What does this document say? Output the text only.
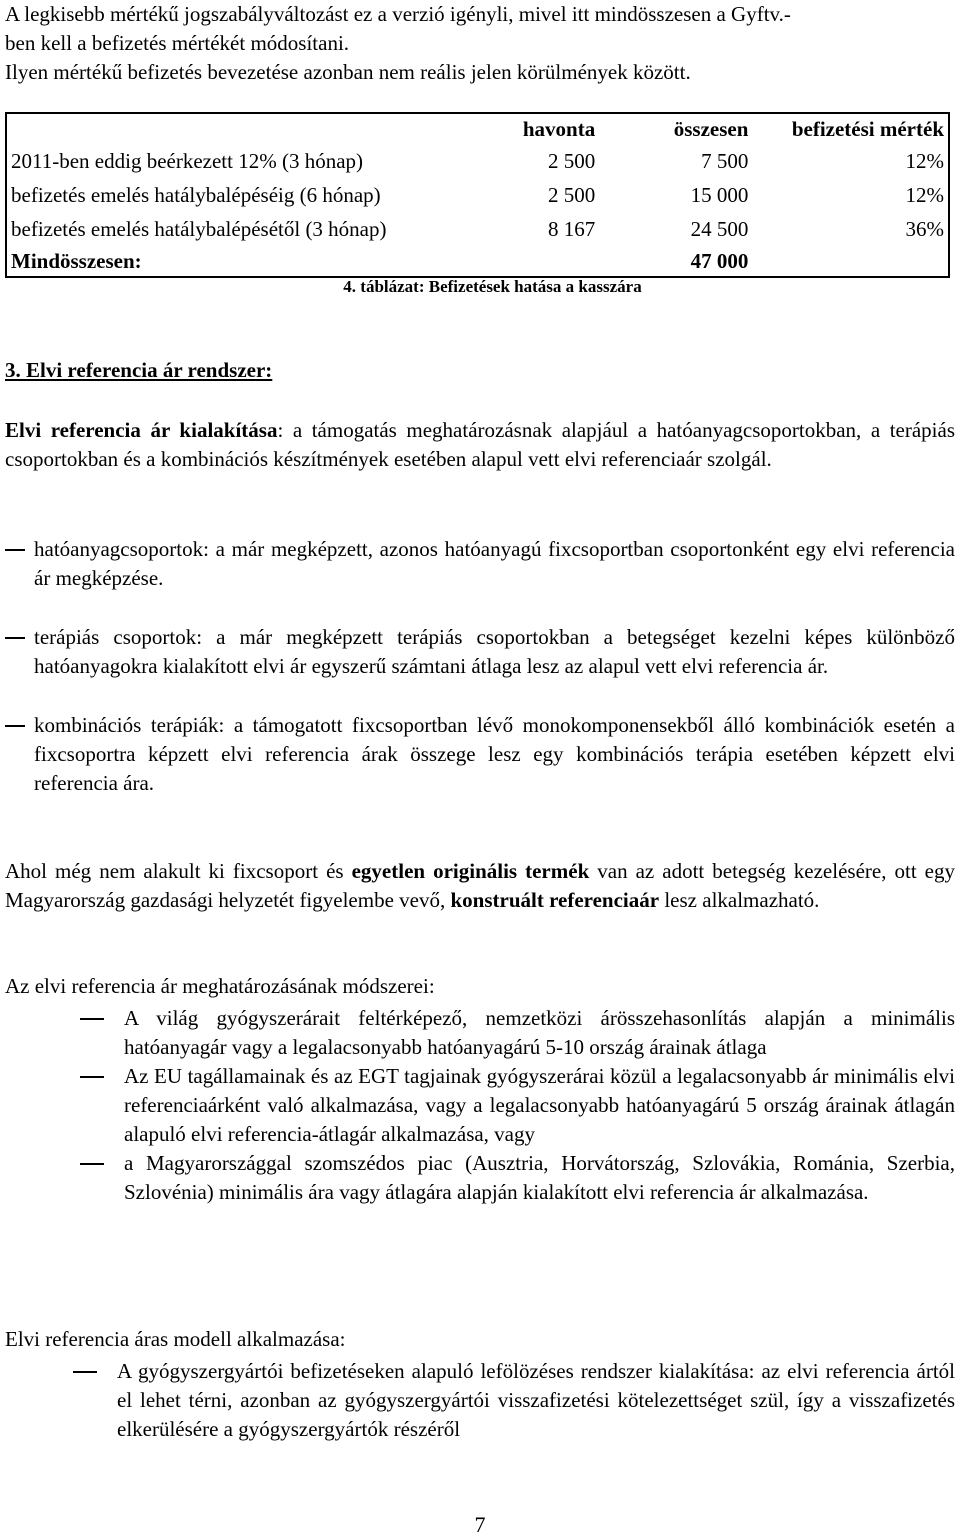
A legkisebb mértékű jogszabályváltozást ez a verzió igényli, mivel itt mindösszesen a Gyftv.-

ben kell a befizetés mértékét módosítani.

Ilyen mértékű befizetés bevezetése azonban nem reális jelen körülmények között.

	havonta	összesen	befizetési mérték
2011-ben eddig beérkezett 12% (3 hónap)	2 500	7 500	12%
befizetés emelés hatálybalépéséig (6 hónap)	2 500	15 000	12%
befizetés emelés hatálybalépésétől (3 hónap)	8 167	24 500	36%
Mindösszesen:		47 000	
4. táblázat: Befizetések hatása a kasszára
3. Elvi referencia ár rendszer:

Elvi referencia ár kialakítása: a támogatás meghatározásnak alapjául a hatóanyagcsoportokban, a terápiás csoportokban és a kombinációs készítmények esetében alapul vett elvi referenciaár szolgál.

hatóanyagcsoportok: a már megképzett, azonos hatóanyagú fixcsoportban csoportonként egy elvi referencia ár megképzése.

terápiás csoportok: a már megképzett terápiás csoportokban a betegséget kezelni képes különböző hatóanyagokra kialakított elvi ár egyszerű számtani átlaga lesz az alapul vett elvi referencia ár.

kombinációs terápiák: a támogatott fixcsoportban lévő monokomponensekből álló kombinációk esetén a fixcsoportra képzett elvi referencia árak összege lesz egy kombinációs terápia esetében képzett elvi referencia ára.

Ahol még nem alakult ki fixcsoport és egyetlen originális termék van az adott betegség kezelésére, ott egy Magyarország gazdasági helyzetét figyelembe vevő, konstruált referenciaár lesz alkalmazható.

Az elvi referencia ár meghatározásának módszerei:

A világ gyógyszerárait feltérképező, nemzetközi árösszehasonlítás alapján a minimális hatóanyagár vagy a legalacsonyabb hatóanyagárú 5-10 ország árainak átlaga

Az EU tagállamainak és az EGT tagjainak gyógyszerárai közül a legalacsonyabb ár minimális elvi referenciaárként való alkalmazása, vagy a legalacsonyabb hatóanyagárú 5 ország árainak átlagán alapuló elvi referencia-átlagár alkalmazása, vagy

a Magyarországgal szomszédos piac (Ausztria, Horvátország, Szlovákia, Románia, Szerbia, Szlovénia) minimális ára vagy átlagára alapján kialakított elvi referencia ár alkalmazása.

Elvi referencia áras modell alkalmazása:

A gyógyszergyártói befizetéseken alapuló lefölözéses rendszer kialakítása: az elvi referencia ártól el lehet térni, azonban az gyógyszergyártói visszafizetési kötelezettséget szül, így a visszafizetés elkerülésére a gyógyszergyártók részéről

7
